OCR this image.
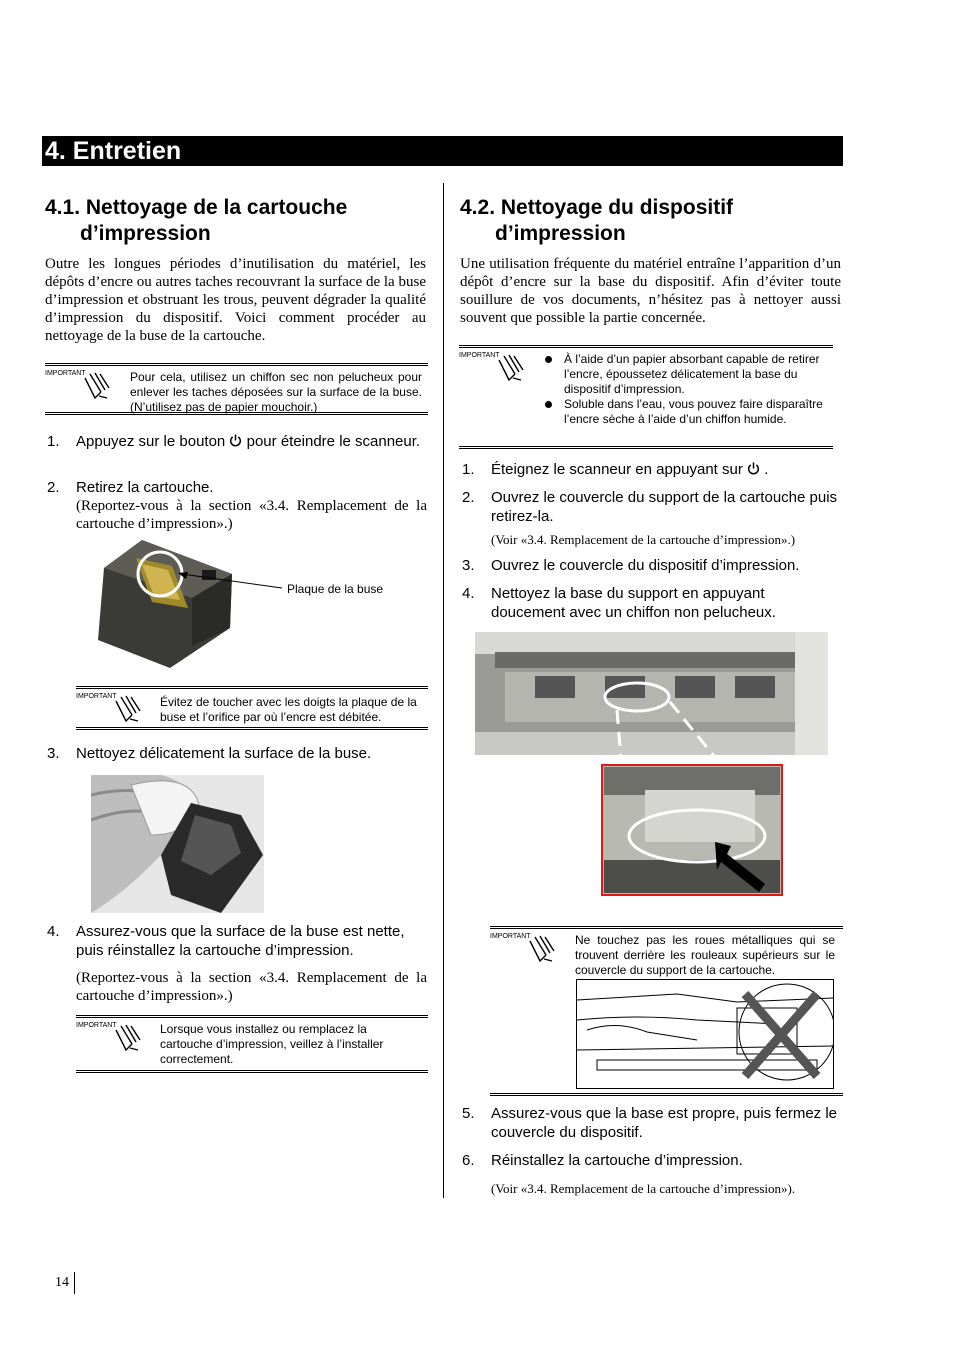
4. Entretien
4.1. Nettoyage de la cartouche
d’impression
Outre les longues périodes d’inutilisation du matériel, les dépôts d’encre ou autres taches recouvrant la surface de la buse d’impression et obstruant les trous, peuvent dégrader la qualité d’impression du dispositif. Voici comment procéder au nettoyage de la buse de la cartouche.
IMPORTANT	Pour cela, utilisez un chiffon sec non pelucheux pour enlever les taches déposées sur la surface de la buse. (N’utilisez pas de papier mouchoir.)
1. Appuyez sur le bouton pour éteindre le scanneur.
2. Retirez la cartouche.
(Reportez-vous à la section «3.4. Remplacement de la cartouche d’impression».)
Plaque de la buse
IMPORTANT	Évitez de toucher avec les doigts la plaque de la buse et l’orifice par où l’encre est débitée.
3. Nettoyez délicatement la surface de la buse.
4. Assurez-vous que la surface de la buse est nette, puis réinstallez la cartouche d’impression.
(Reportez-vous à la section «3.4. Remplacement de la cartouche d’impression».)
IMPORTANT	Lorsque vous installez ou remplacez la cartouche d’impression, veillez à l’installer correctement.
4.2. Nettoyage du dispositif
d’impression
Une utilisation fréquente du matériel entraîne l’apparition d’un dépôt d’encre sur la base du dispositif. Afin d’éviter toute souillure de vos documents, n’hésitez pas à nettoyer aussi souvent que possible la partie concernée.
IMPORTANT	À l’aide d’un papier absorbant capable de retirer l’encre, époussetez délicatement la base du dispositif d’impression.
Soluble dans l’eau, vous pouvez faire disparaître l’encre sèche à l’aide d’un chiffon humide.
1. Éteignez le scanneur en appuyant sur .
2. Ouvrez le couvercle du support de la cartouche puis retirez-la.
(Voir «3.4. Remplacement de la cartouche d’impression».)
3. Ouvrez le couvercle du dispositif d’impression.
4. Nettoyez la base du support en appuyant doucement avec un chiffon non pelucheux.
IMPORTANT	Ne touchez pas les roues métalliques qui se trouvent derrière les rouleaux supérieurs sur le couvercle du support de la cartouche.
5. Assurez-vous que la base est propre, puis fermez le couvercle du dispositif.
6. Réinstallez la cartouche d’impression.
(Voir «3.4. Remplacement de la cartouche d’impression»).
14
